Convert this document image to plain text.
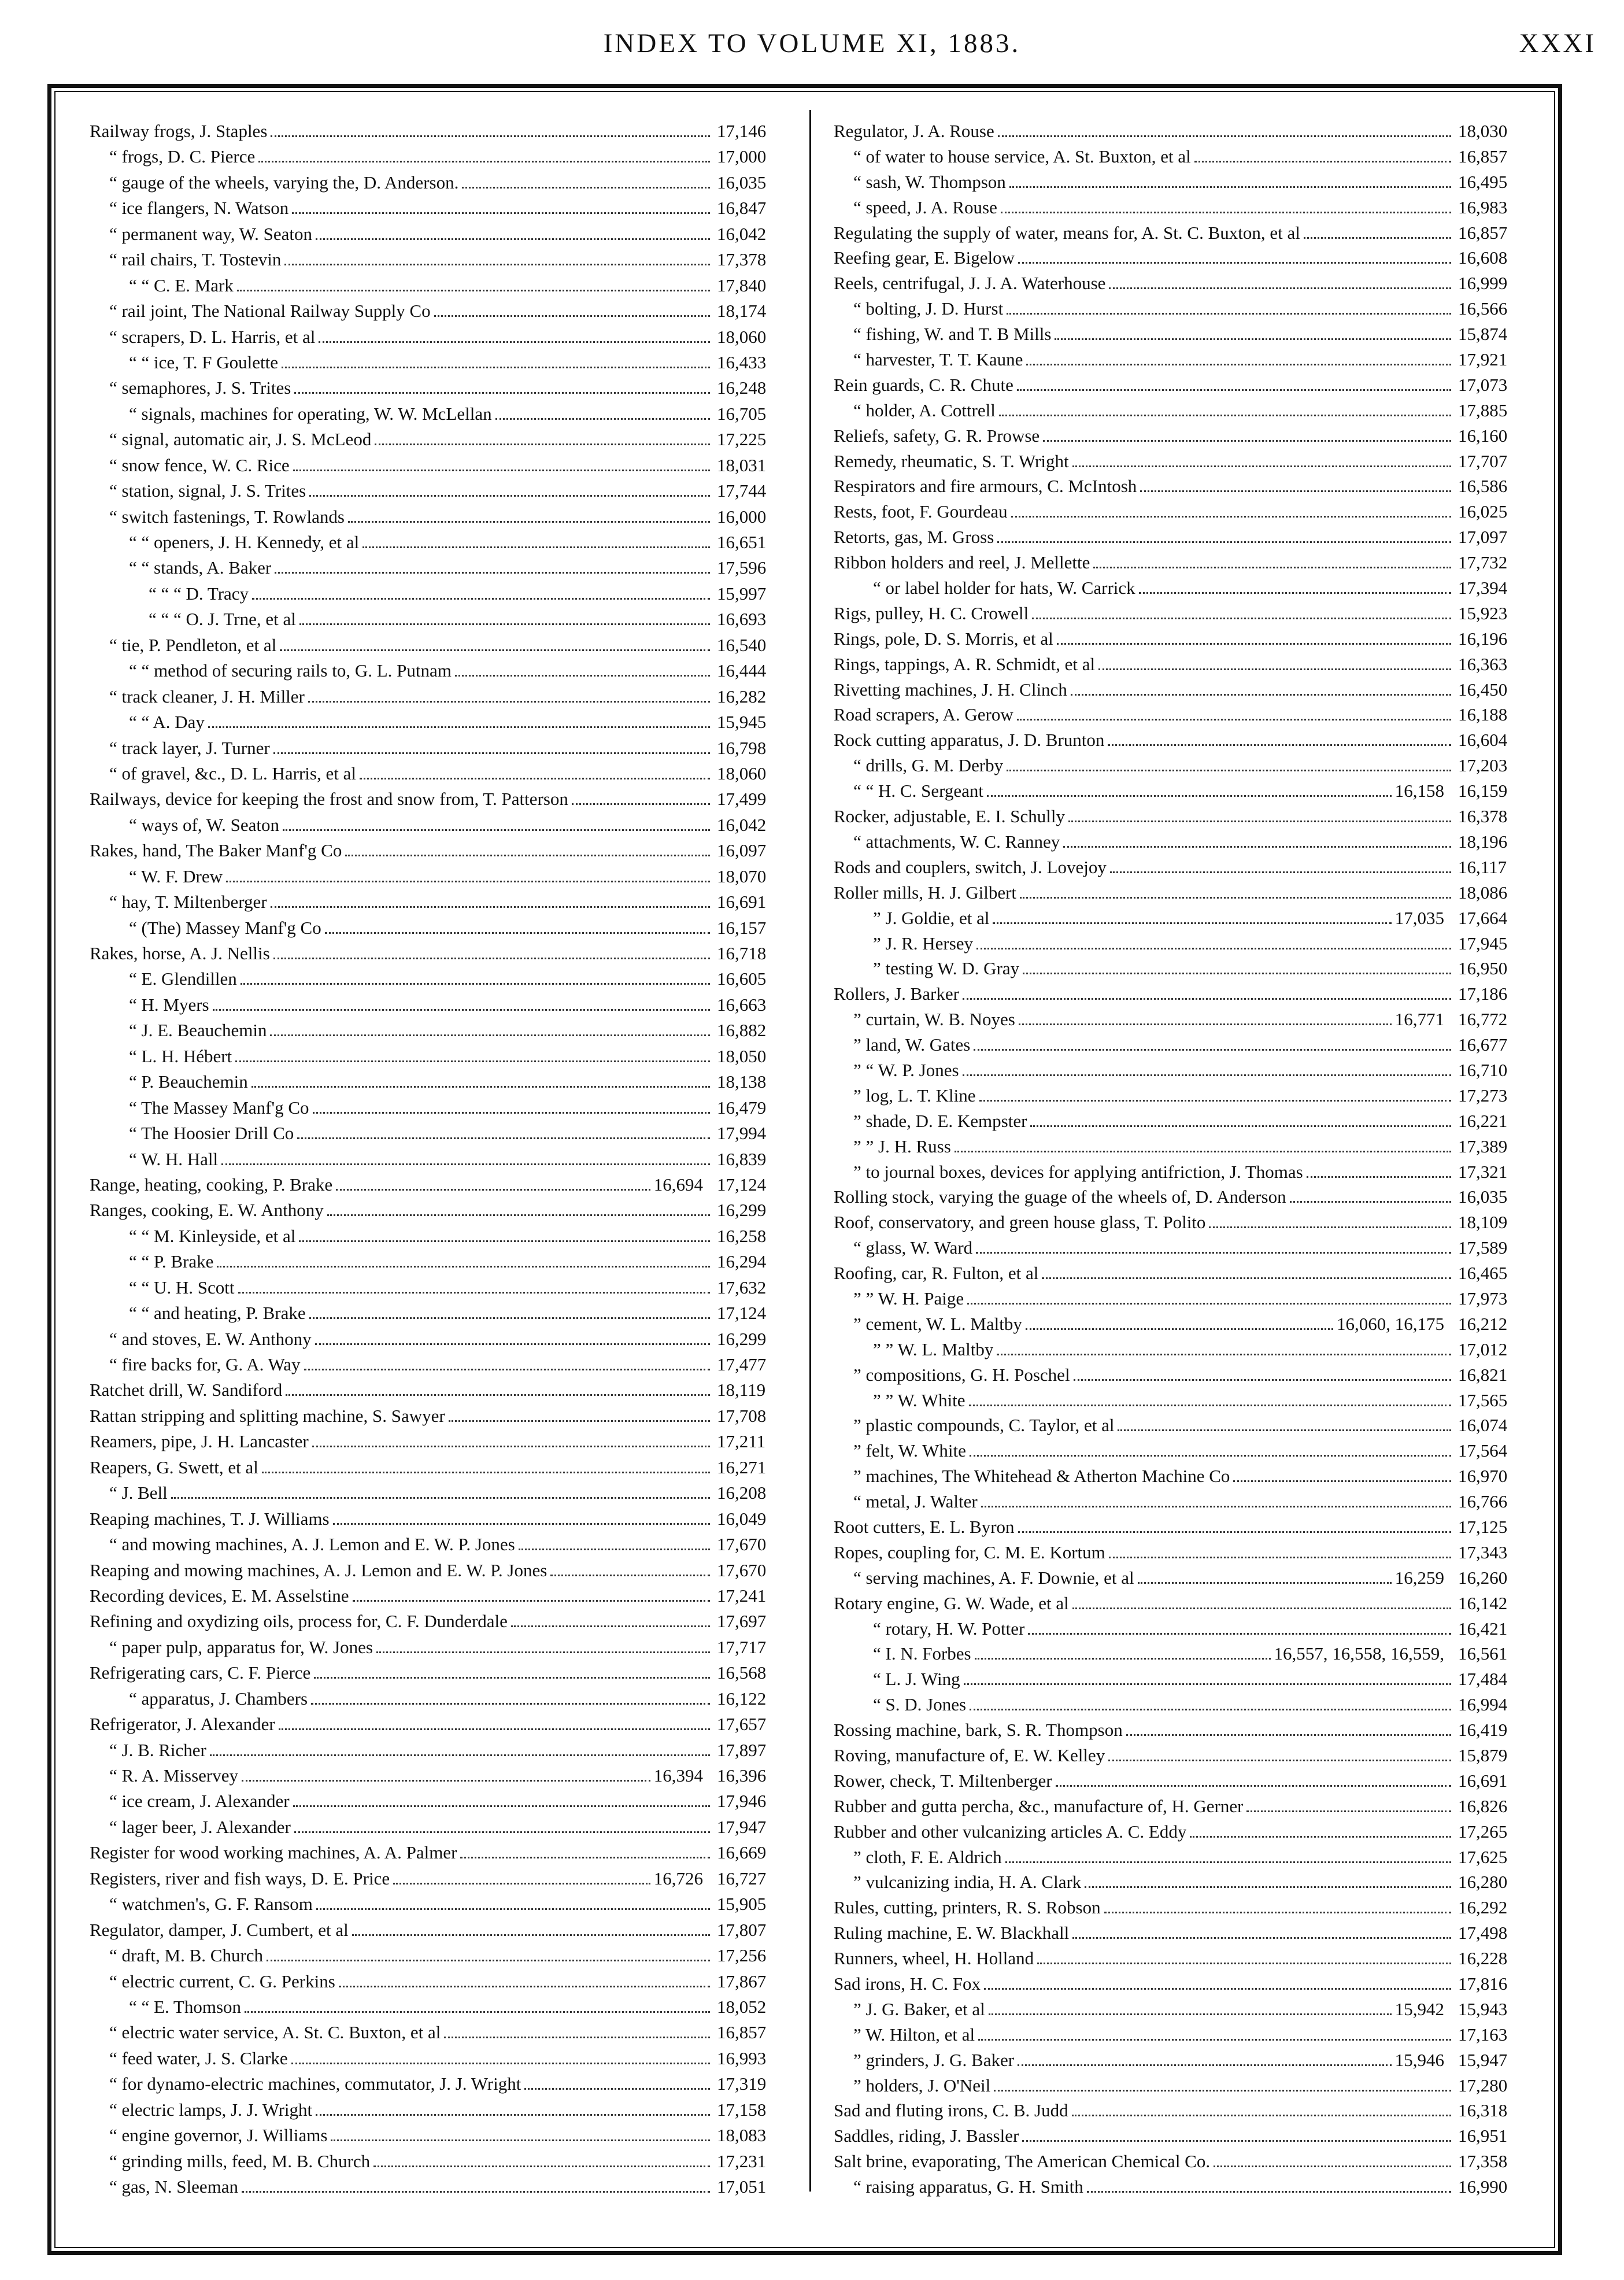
INDEX TO VOLUME XI, 1883.	XXXI
Railway frogs, J. Staples	17,146
“ frogs, D. C. Pierce	17,000
“ gauge of the wheels, varying the, D. Anderson.	16,035
“ ice flangers, N. Watson	16,847
“ permanent way, W. Seaton	16,042
“ rail chairs, T. Tostevin	17,378
“ “ C. E. Mark	17,840
“ rail joint, The National Railway Supply Co	18,174
“ scrapers, D. L. Harris, et al	18,060
“ “ ice, T. F Goulette	16,433
“ semaphores, J. S. Trites	16,248
“ signals, machines for operating, W. W. McLellan	16,705
“ signal, automatic air, J. S. McLeod	17,225
“ snow fence, W. C. Rice	18,031
“ station, signal, J. S. Trites	17,744
“ switch fastenings, T. Rowlands	16,000
“ “ openers, J. H. Kennedy, et al	16,651
“ “ stands, A. Baker	17,596
“ “ “ D. Tracy	15,997
“ “ “ O. J. Trne, et al	16,693
“ tie, P. Pendleton, et al	16,540
“ “ method of securing rails to, G. L. Putnam	16,444
“ track cleaner, J. H. Miller	16,282
“ “ A. Day	15,945
“ track layer, J. Turner	16,798
“ of gravel, &c., D. L. Harris, et al	18,060
Railways, device for keeping the frost and snow from, T. Patterson	17,499
“ ways of, W. Seaton	16,042
Rakes, hand, The Baker Manf'g Co	16,097
“ W. F. Drew	18,070
“ hay, T. Miltenberger	16,691
“ (The) Massey Manf'g Co	16,157
Rakes, horse, A. J. Nellis	16,718
“ E. Glendillen	16,605
“ H. Myers	16,663
“ J. E. Beauchemin	16,882
“ L. H. Hébert	18,050
“ P. Beauchemin	18,138
“ The Massey Manf'g Co	16,479
“ The Hoosier Drill Co	17,994
“ W. H. Hall	16,839
Range, heating, cooking, P. Brake	16,694 17,124
Ranges, cooking, E. W. Anthony	16,299
“ “ M. Kinleyside, et al	16,258
“ “ P. Brake	16,294
“ “ U. H. Scott	17,632
“ “ and heating, P. Brake	17,124
“ and stoves, E. W. Anthony	16,299
“ fire backs for, G. A. Way	17,477
Ratchet drill, W. Sandiford	18,119
Rattan stripping and splitting machine, S. Sawyer	17,708
Reamers, pipe, J. H. Lancaster	17,211
Reapers, G. Swett, et al	16,271
“ J. Bell	16,208
Reaping machines, T. J. Williams	16,049
“ and mowing machines, A. J. Lemon and E. W. P. Jones	17,670
Reaping and mowing machines, A. J. Lemon and E. W. P. Jones	17,670
Recording devices, E. M. Asselstine	17,241
Refining and oxydizing oils, process for, C. F. Dunderdale	17,697
“ paper pulp, apparatus for, W. Jones	17,717
Refrigerating cars, C. F. Pierce	16,568
“ apparatus, J. Chambers	16,122
Refrigerator, J. Alexander	17,657
“ J. B. Richer	17,897
“ R. A. Misservey	16,394 16,396
“ ice cream, J. Alexander	17,946
“ lager beer, J. Alexander	17,947
Register for wood working machines, A. A. Palmer	16,669
Registers, river and fish ways, D. E. Price	16,726 16,727
“ watchmen's, G. F. Ransom	15,905
Regulator, damper, J. Cumbert, et al	17,807
“ draft, M. B. Church	17,256
“ electric current, C. G. Perkins	17,867
“ “ E. Thomson	18,052
“ electric water service, A. St. C. Buxton, et al	16,857
“ feed water, J. S. Clarke	16,993
“ for dynamo-electric machines, commutator, J. J. Wright	17,319
“ electric lamps, J. J. Wright	17,158
“ engine governor, J. Williams	18,083
“ grinding mills, feed, M. B. Church	17,231
“ gas, N. Sleeman	17,051
Regulator, J. A. Rouse	18,030
“ of water to house service, A. St. Buxton, et al	16,857
“ sash, W. Thompson	16,495
“ speed, J. A. Rouse	16,983
Regulating the supply of water, means for, A. St. C. Buxton, et al	16,857
Reefing gear, E. Bigelow	16,608
Reels, centrifugal, J. J. A. Waterhouse	16,999
“ bolting, J. D. Hurst	16,566
“ fishing, W. and T. B Mills	15,874
“ harvester, T. T. Kaune	17,921
Rein guards, C. R. Chute	17,073
“ holder, A. Cottrell	17,885
Reliefs, safety, G. R. Prowse	16,160
Remedy, rheumatic, S. T. Wright	17,707
Respirators and fire armours, C. McIntosh	16,586
Rests, foot, F. Gourdeau	16,025
Retorts, gas, M. Gross	17,097
Ribbon holders and reel, J. Mellette	17,732
“ or label holder for hats, W. Carrick	17,394
Rigs, pulley, H. C. Crowell	15,923
Rings, pole, D. S. Morris, et al	16,196
Rings, tappings, A. R. Schmidt, et al	16,363
Rivetting machines, J. H. Clinch	16,450
Road scrapers, A. Gerow	16,188
Rock cutting apparatus, J. D. Brunton	16,604
“ drills, G. M. Derby	17,203
“ “ H. C. Sergeant	16,158 16,159
Rocker, adjustable, E. I. Schully	16,378
“ attachments, W. C. Ranney	18,196
Rods and couplers, switch, J. Lovejoy	16,117
Roller mills, H. J. Gilbert	18,086
” J. Goldie, et al	17,035 17,664
” J. R. Hersey	17,945
” testing W. D. Gray	16,950
Rollers, J. Barker	17,186
” curtain, W. B. Noyes	16,771 16,772
” land, W. Gates	16,677
” “ W. P. Jones	16,710
” log, L. T. Kline	17,273
” shade, D. E. Kempster	16,221
” ” J. H. Russ	17,389
” to journal boxes, devices for applying antifriction, J. Thomas	17,321
Rolling stock, varying the guage of the wheels of, D. Anderson	16,035
Roof, conservatory, and green house glass, T. Polito	18,109
“ glass, W. Ward	17,589
Roofing, car, R. Fulton, et al	16,465
” ” W. H. Paige	17,973
” cement, W. L. Maltby	16,060, 16,175 16,212
” ” W. L. Maltby	17,012
” compositions, G. H. Poschel	16,821
” ” W. White	17,565
” plastic compounds, C. Taylor, et al	16,074
” felt, W. White	17,564
” machines, The Whitehead & Atherton Machine Co	16,970
“ metal, J. Walter	16,766
Root cutters, E. L. Byron	17,125
Ropes, coupling for, C. M. E. Kortum	17,343
“ serving machines, A. F. Downie, et al	16,259 16,260
Rotary engine, G. W. Wade, et al	16,142
“ rotary, H. W. Potter	16,421
“ I. N. Forbes	16,557, 16,558, 16,559, 16,561
“ L. J. Wing	17,484
“ S. D. Jones	16,994
Rossing machine, bark, S. R. Thompson	16,419
Roving, manufacture of, E. W. Kelley	15,879
Rower, check, T. Miltenberger	16,691
Rubber and gutta percha, &c., manufacture of, H. Gerner	16,826
Rubber and other vulcanizing articles A. C. Eddy	17,265
” cloth, F. E. Aldrich	17,625
” vulcanizing india, H. A. Clark	16,280
Rules, cutting, printers, R. S. Robson	16,292
Ruling machine, E. W. Blackhall	17,498
Runners, wheel, H. Holland	16,228
Sad irons, H. C. Fox	17,816
” J. G. Baker, et al	15,942 15,943
” W. Hilton, et al	17,163
” grinders, J. G. Baker	15,946 15,947
” holders, J. O'Neil	17,280
Sad and fluting irons, C. B. Judd	16,318
Saddles, riding, J. Bassler	16,951
Salt brine, evaporating, The American Chemical Co.	17,358
“ raising apparatus, G. H. Smith	16,990
